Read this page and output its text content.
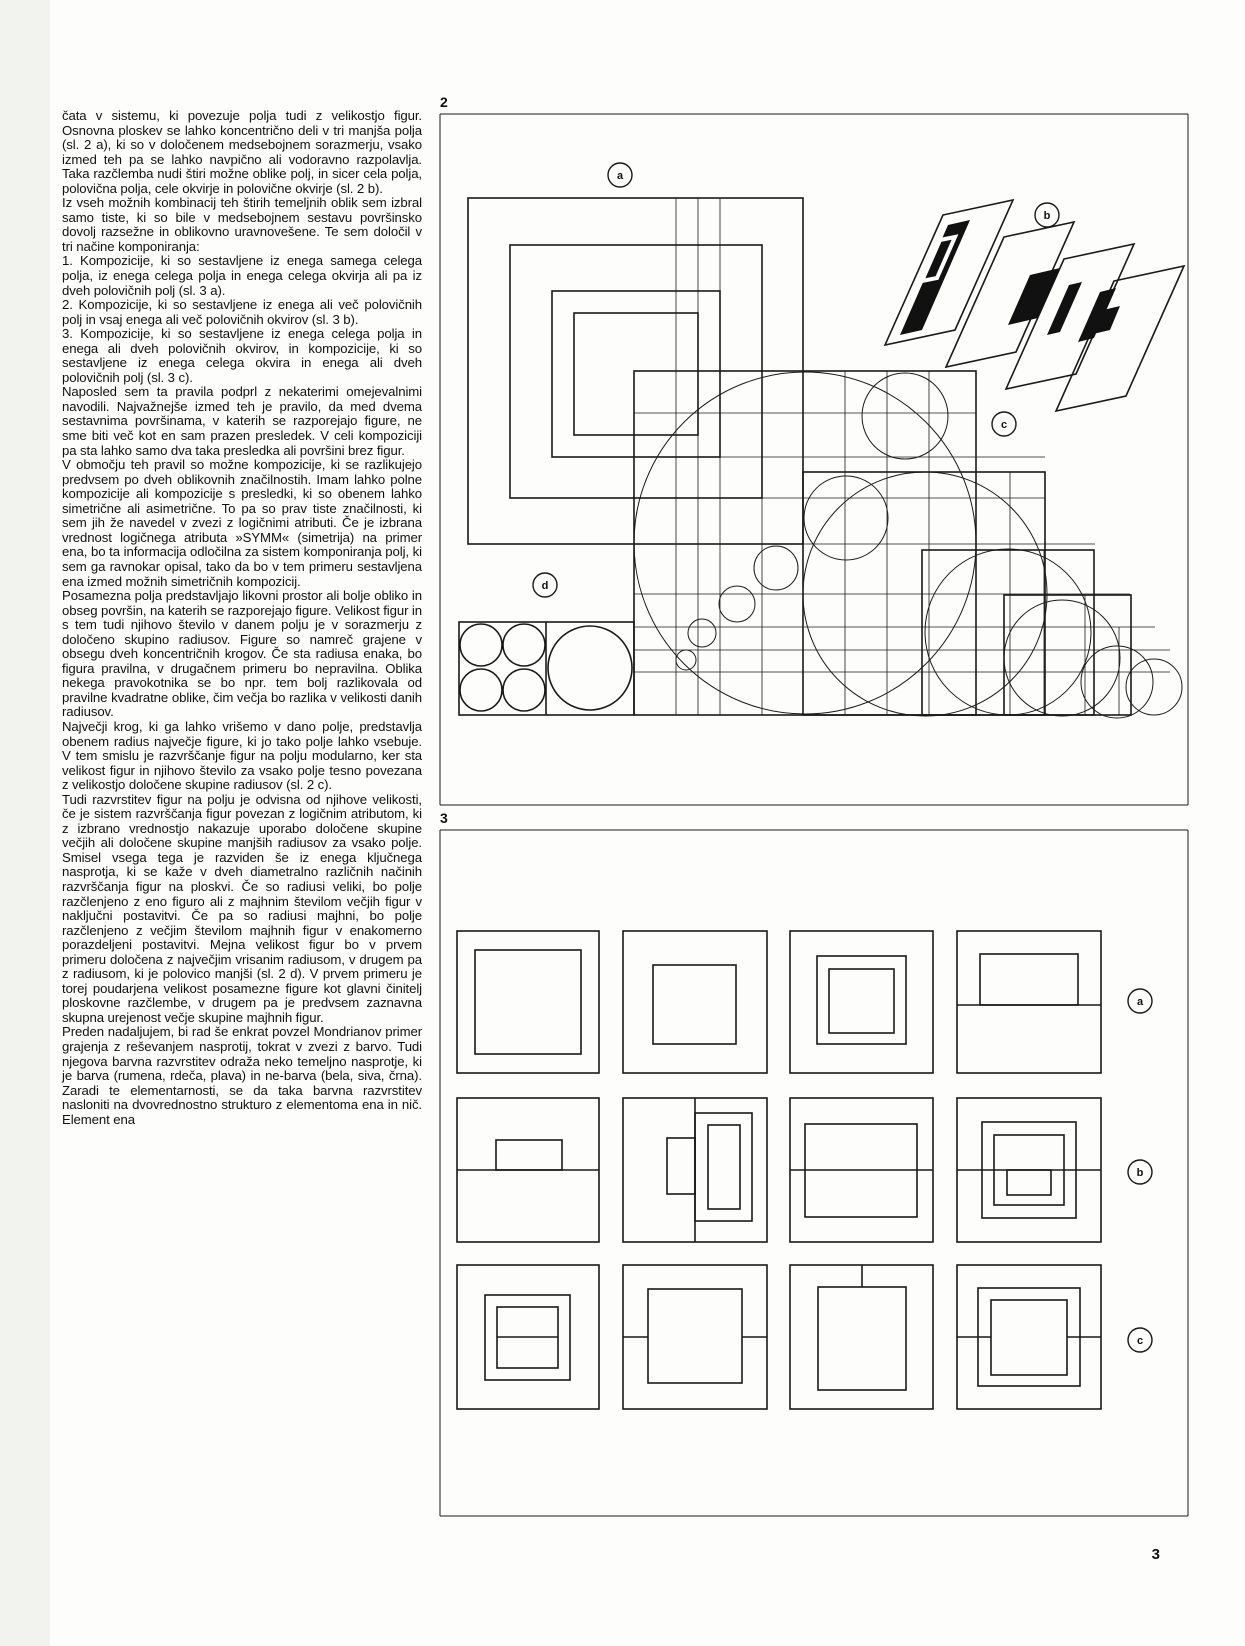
čata v sistemu, ki povezuje polja tudi z velikostjo figur. Osnovna ploskev se lahko koncentrično deli v tri manjša polja (sl. 2 a), ki so v določenem medsebojnem sorazmerju, vsako izmed teh pa se lahko navpično ali vodoravno razpolavlja. Taka razčlemba nudi štiri možne oblike polj, in sicer cela polja, polovična polja, cele okvirje in polovične okvirje (sl. 2 b).

Iz vseh možnih kombinacij teh štirih temeljnih oblik sem izbral samo tiste, ki so bile v medsebojnem sestavu površinsko dovolj razsežne in oblikovno uravnovešene. Te sem določil v tri načine komponiranja:

1. Kompozicije, ki so sestavljene iz enega samega celega polja, iz enega celega polja in enega celega okvirja ali pa iz dveh polovičnih polj (sl. 3 a).

2. Kompozicije, ki so sestavljene iz enega ali več polovičnih polj in vsaj enega ali več polovičnih okvirov (sl. 3 b).

3. Kompozicije, ki so sestavljene iz enega celega polja in enega ali dveh polovičnih okvirov, in kompozicije, ki so sestavljene iz enega celega okvira in enega ali dveh polovičnih polj (sl. 3 c).

Naposled sem ta pravila podprl z nekaterimi omejevalnimi navodili. Najvažnejše izmed teh je pravilo, da med dvema sestavnima površinama, v katerih se razporejajo figure, ne sme biti več kot en sam prazen presledek. V celi kompoziciji pa sta lahko samo dva taka presledka ali površini brez figur.

V območju teh pravil so možne kompozicije, ki se razlikujejo predvsem po dveh oblikovnih značilnostih. Imam lahko polne kompozicije ali kompozicije s presledki, ki so obenem lahko simetrične ali asimetrične. To pa so prav tiste značilnosti, ki sem jih že navedel v zvezi z logičnimi atributi. Če je izbrana vrednost logičnega atributa »SYMM« (simetrija) na primer ena, bo ta informacija odločilna za sistem komponiranja polj, ki sem ga ravnokar opisal, tako da bo v tem primeru sestavljena ena izmed možnih simetričnih kompozicij.

Posamezna polja predstavljajo likovni prostor ali bolje obliko in obseg površin, na katerih se razporejajo figure. Velikost figur in s tem tudi njihovo število v danem polju je v sorazmerju z določeno skupino radiusov. Figure so namreč grajene v obsegu dveh koncentričnih krogov. Če sta radiusa enaka, bo figura pravilna, v drugačnem primeru bo nepravilna. Oblika nekega pravokotnika se bo npr. tem bolj razlikovala od pravilne kvadratne oblike, čim večja bo razlika v velikosti danih radiusov.

Največji krog, ki ga lahko vrišemo v dano polje, predstavlja obenem radius največje figure, ki jo tako polje lahko vsebuje. V tem smislu je razvrščanje figur na polju modularno, ker sta velikost figur in njihovo število za vsako polje tesno povezana z velikostjo določene skupine radiusov (sl. 2 c).

Tudi razvrstitev figur na polju je odvisna od njihove velikosti, če je sistem razvrščanja figur povezan z logičnim atributom, ki z izbrano vrednostjo nakazuje uporabo določene skupine večjih ali določene skupine manjših radiusov za vsako polje. Smisel vsega tega je razviden še iz enega ključnega nasprotja, ki se kaže v dveh diametralno različnih načinih razvrščanja figur na ploskvi. Če so radiusi veliki, bo polje razčlenjeno z eno figuro ali z majhnim številom večjih figur v naključni postavitvi. Če pa so radiusi majhni, bo polje razčlenjeno z večjim številom majhnih figur v enakomerno porazdeljeni postavitvi. Mejna velikost figur bo v prvem primeru določena z največjim vrisanim radiusom, v drugem pa z radiusom, ki je polovico manjši (sl. 2 d). V prvem primeru je torej poudarjena velikost posamezne figure kot glavni činitelj ploskovne razčlembe, v drugem pa je predvsem zaznavna skupna urejenost večje skupine majhnih figur.

Preden nadaljujem, bi rad še enkrat povzel Mondrianov primer grajenja z reševanjem nasprotij, tokrat v zvezi z barvo. Tudi njegova barvna razvrstitev odraža neko temeljno nasprotje, ki je barva (rumena, rdeča, plava) in ne-barva (bela, siva, črna). Zaradi te elementarnosti, se da taka barvna razvrstitev nasloniti na dvovrednostno strukturo z elementoma ena in nič. Element ena

2
3
3
a
b
c
d
a
b
c
